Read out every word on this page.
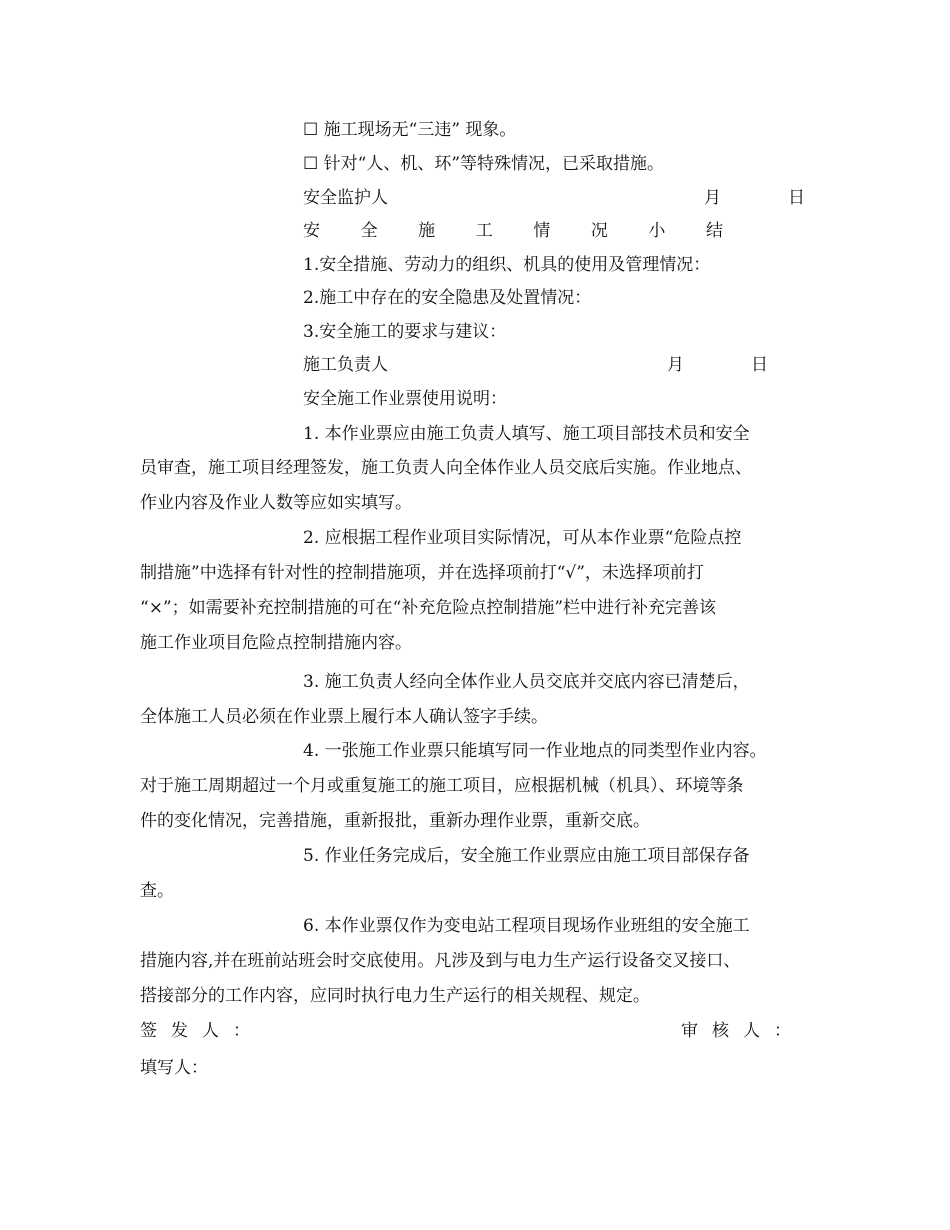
☐ 施工现场无“三违” 现象。
☐ 针对“人、机、环”等特殊情况，已采取措施。
安全监护人	月	日
安 全 施 工 情 况 小 结
1.安全措施、劳动力的组织、机具的使用及管理情况：
2.施工中存在的安全隐患及处置情况：
3.安全施工的要求与建议：
施工负责人	月	日
安全施工作业票使用说明：
1. 本作业票应由施工负责人填写、施工项目部技术员和安全
员审查，施工项目经理签发，施工负责人向全体作业人员交底后实施。作业地点、
作业内容及作业人数等应如实填写。
2. 应根据工程作业项目实际情况，可从本作业票“危险点控
制措施”中选择有针对性的控制措施项，并在选择项前打“√”，未选择项前打
“×”；如需要补充控制措施的可在“补充危险点控制措施”栏中进行补充完善该
施工作业项目危险点控制措施内容。
3. 施工负责人经向全体作业人员交底并交底内容已清楚后，
全体施工人员必须在作业票上履行本人确认签字手续。
4. 一张施工作业票只能填写同一作业地点的同类型作业内容。
对于施工周期超过一个月或重复施工的施工项目，应根据机械（机具）、环境等条
件的变化情况，完善措施，重新报批，重新办理作业票，重新交底。
5. 作业任务完成后，安全施工作业票应由施工项目部保存备
查。
6. 本作业票仅作为变电站工程项目现场作业班组的安全施工
措施内容,并在班前站班会时交底使用。凡涉及到与电力生产运行设备交叉接口、
搭接部分的工作内容，应同时执行电力生产运行的相关规程、规定。
签发人：	审核人：
填写人：
